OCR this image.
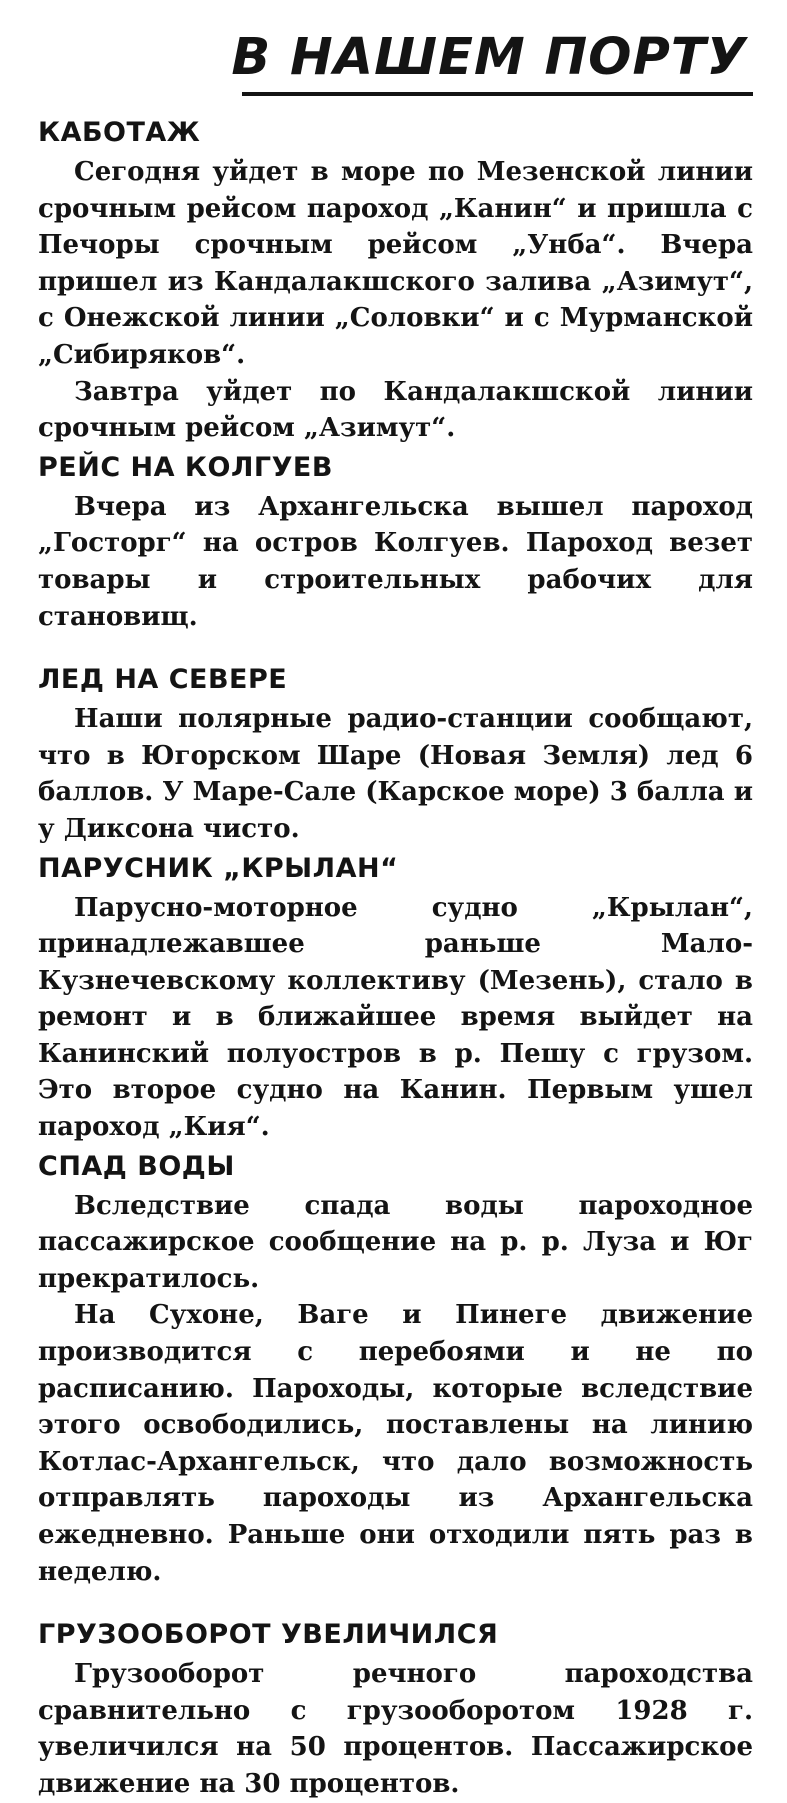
В НАШЕМ ПОРТУ
КАБОТАЖ

Сегодня уйдет в море по Мезенской линии срочным рейсом пароход „Канин“ и пришла с Печоры срочным рейсом „Унба“. Вчера пришел из Кандалакшского залива „Азимут“, с Онежской линии „Соловки“ и с Мурманской „Сибиряков“.

Завтра уйдет по Кандалакшской линии срочным рейсом „Азимут“.

РЕЙС НА КОЛГУЕВ

Вчера из Архангельска вышел пароход „Госторг“ на остров Колгуев. Пароход везет товары и строительных рабочих для становищ.

ЛЕД НА СЕВЕРЕ

Наши полярные радио-станции сообщают, что в Югорском Шаре (Новая Земля) лед 6 баллов. У Маре-Сале (Карское море) 3 балла и у Диксона чисто.

ПАРУСНИК „КРЫЛАН“

Парусно-моторное судно „Крылан“, принадлежавшее раньше Мало-Кузнечевскому коллективу (Мезень), стало в ремонт и в ближайшее время выйдет на Канинский полуостров в р. Пешу с грузом. Это второе судно на Канин. Первым ушел пароход „Кия“.

СПАД ВОДЫ

Вследствие спада воды пароходное пассажирское сообщение на р. р. Луза и Юг прекратилось.

На Сухоне, Ваге и Пинеге движение производится с перебоями и не по расписанию. Пароходы, которые вследствие этого освободились, поставлены на линию Котлас-Архангельск, что дало возможность отправлять пароходы из Архангельска ежедневно. Раньше они отходили пять раз в неделю.

ГРУЗООБОРОТ УВЕЛИЧИЛСЯ

Грузооборот речного пароходства сравнительно с грузооборотом 1928 г. увеличился на 50 процентов. Пассажирское движение на 30 процентов.
